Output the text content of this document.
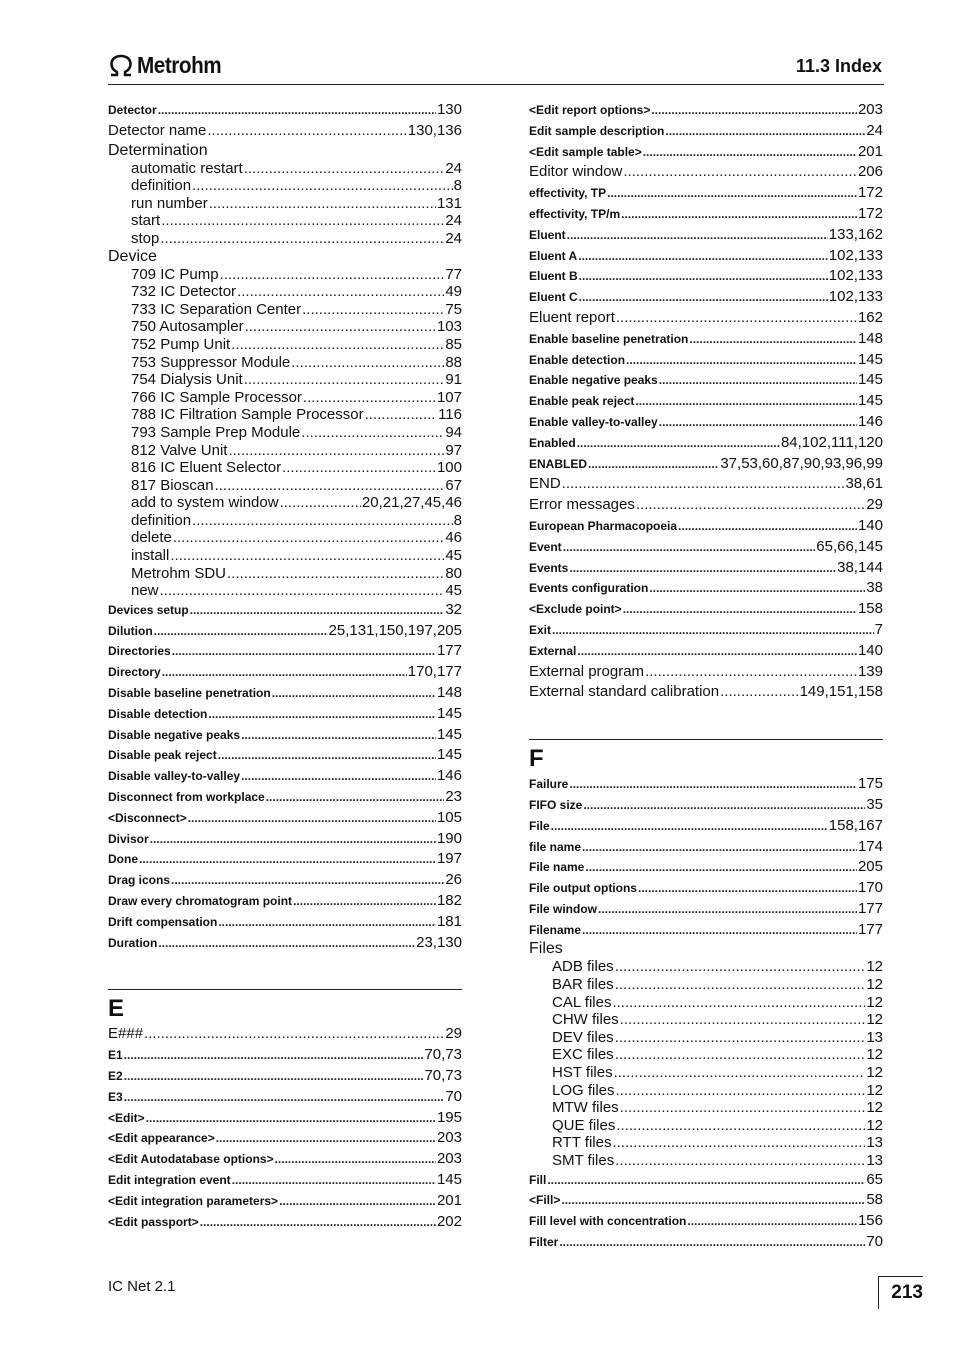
Metrohm	11.3 Index
Detector .....	130
Detector name .....	130,136
Determination
automatic restart .....	24
definition .....	8
run number .....	131
start .....	24
stop .....	24
Device
709 IC Pump .....	77
732 IC Detector .....	49
733 IC Separation Center .....	75
750 Autosampler .....	103
752 Pump Unit .....	85
753 Suppressor Module .....	88
754 Dialysis Unit .....	91
766 IC Sample Processor .....	107
788 IC Filtration Sample Processor .....	116
793 Sample Prep Module .....	94
812 Valve Unit .....	97
816 IC Eluent Selector .....	100
817 Bioscan .....	67
add to system window .....	20,21,27,45,46
definition .....	8
delete .....	46
install .....	45
Metrohm SDU .....	80
new .....	45
Devices setup .....	32
Dilution .....	25,131,150,197,205
Directories .....	177
Directory .....	170,177
Disable baseline penetration .....	148
Disable detection .....	145
Disable negative peaks .....	145
Disable peak reject .....	145
Disable valley-to-valley .....	146
Disconnect from workplace .....	23
<Disconnect> .....	105
Divisor .....	190
Done .....	197
Drag icons .....	26
Draw every chromatogram point .....	182
Drift compensation .....	181
Duration .....	23,130
E
E### .....	29
E1 .....	70,73
E2 .....	70,73
E3 .....	70
<Edit> .....	195
<Edit appearance> .....	203
<Edit Autodatabase options> .....	203
Edit integration event .....	145
<Edit integration parameters> .....	201
<Edit passport> .....	202
<Edit report options> .....	203
Edit sample description .....	24
<Edit sample table> .....	201
Editor window .....	206
effectivity, TP .....	172
effectivity, TP/m .....	172
Eluent .....	133,162
Eluent A .....	102,133
Eluent B .....	102,133
Eluent C .....	102,133
Eluent report .....	162
Enable baseline penetration .....	148
Enable detection .....	145
Enable negative peaks .....	145
Enable peak reject .....	145
Enable valley-to-valley .....	146
Enabled .....	84,102,111,120
ENABLED .....	37,53,60,87,90,93,96,99
END .....	38,61
Error messages .....	29
European Pharmacopoeia .....	140
Event .....	65,66,145
Events .....	38,144
Events configuration .....	38
<Exclude point> .....	158
Exit .....	7
External .....	140
External program .....	139
External standard calibration .....	149,151,158
F
Failure .....	175
FIFO size .....	35
File .....	158,167
file name .....	174
File name .....	205
File output options .....	170
File window .....	177
Filename .....	177
Files
ADB files .....	12
BAR files .....	12
CAL files .....	12
CHW files .....	12
DEV files .....	13
EXC files .....	12
HST files .....	12
LOG files .....	12
MTW files .....	12
QUE files .....	12
RTT files .....	13
SMT files .....	13
Fill .....	65
<Fill> .....	58
Fill level with concentration .....	156
Filter .....	70
IC Net 2.1	213
